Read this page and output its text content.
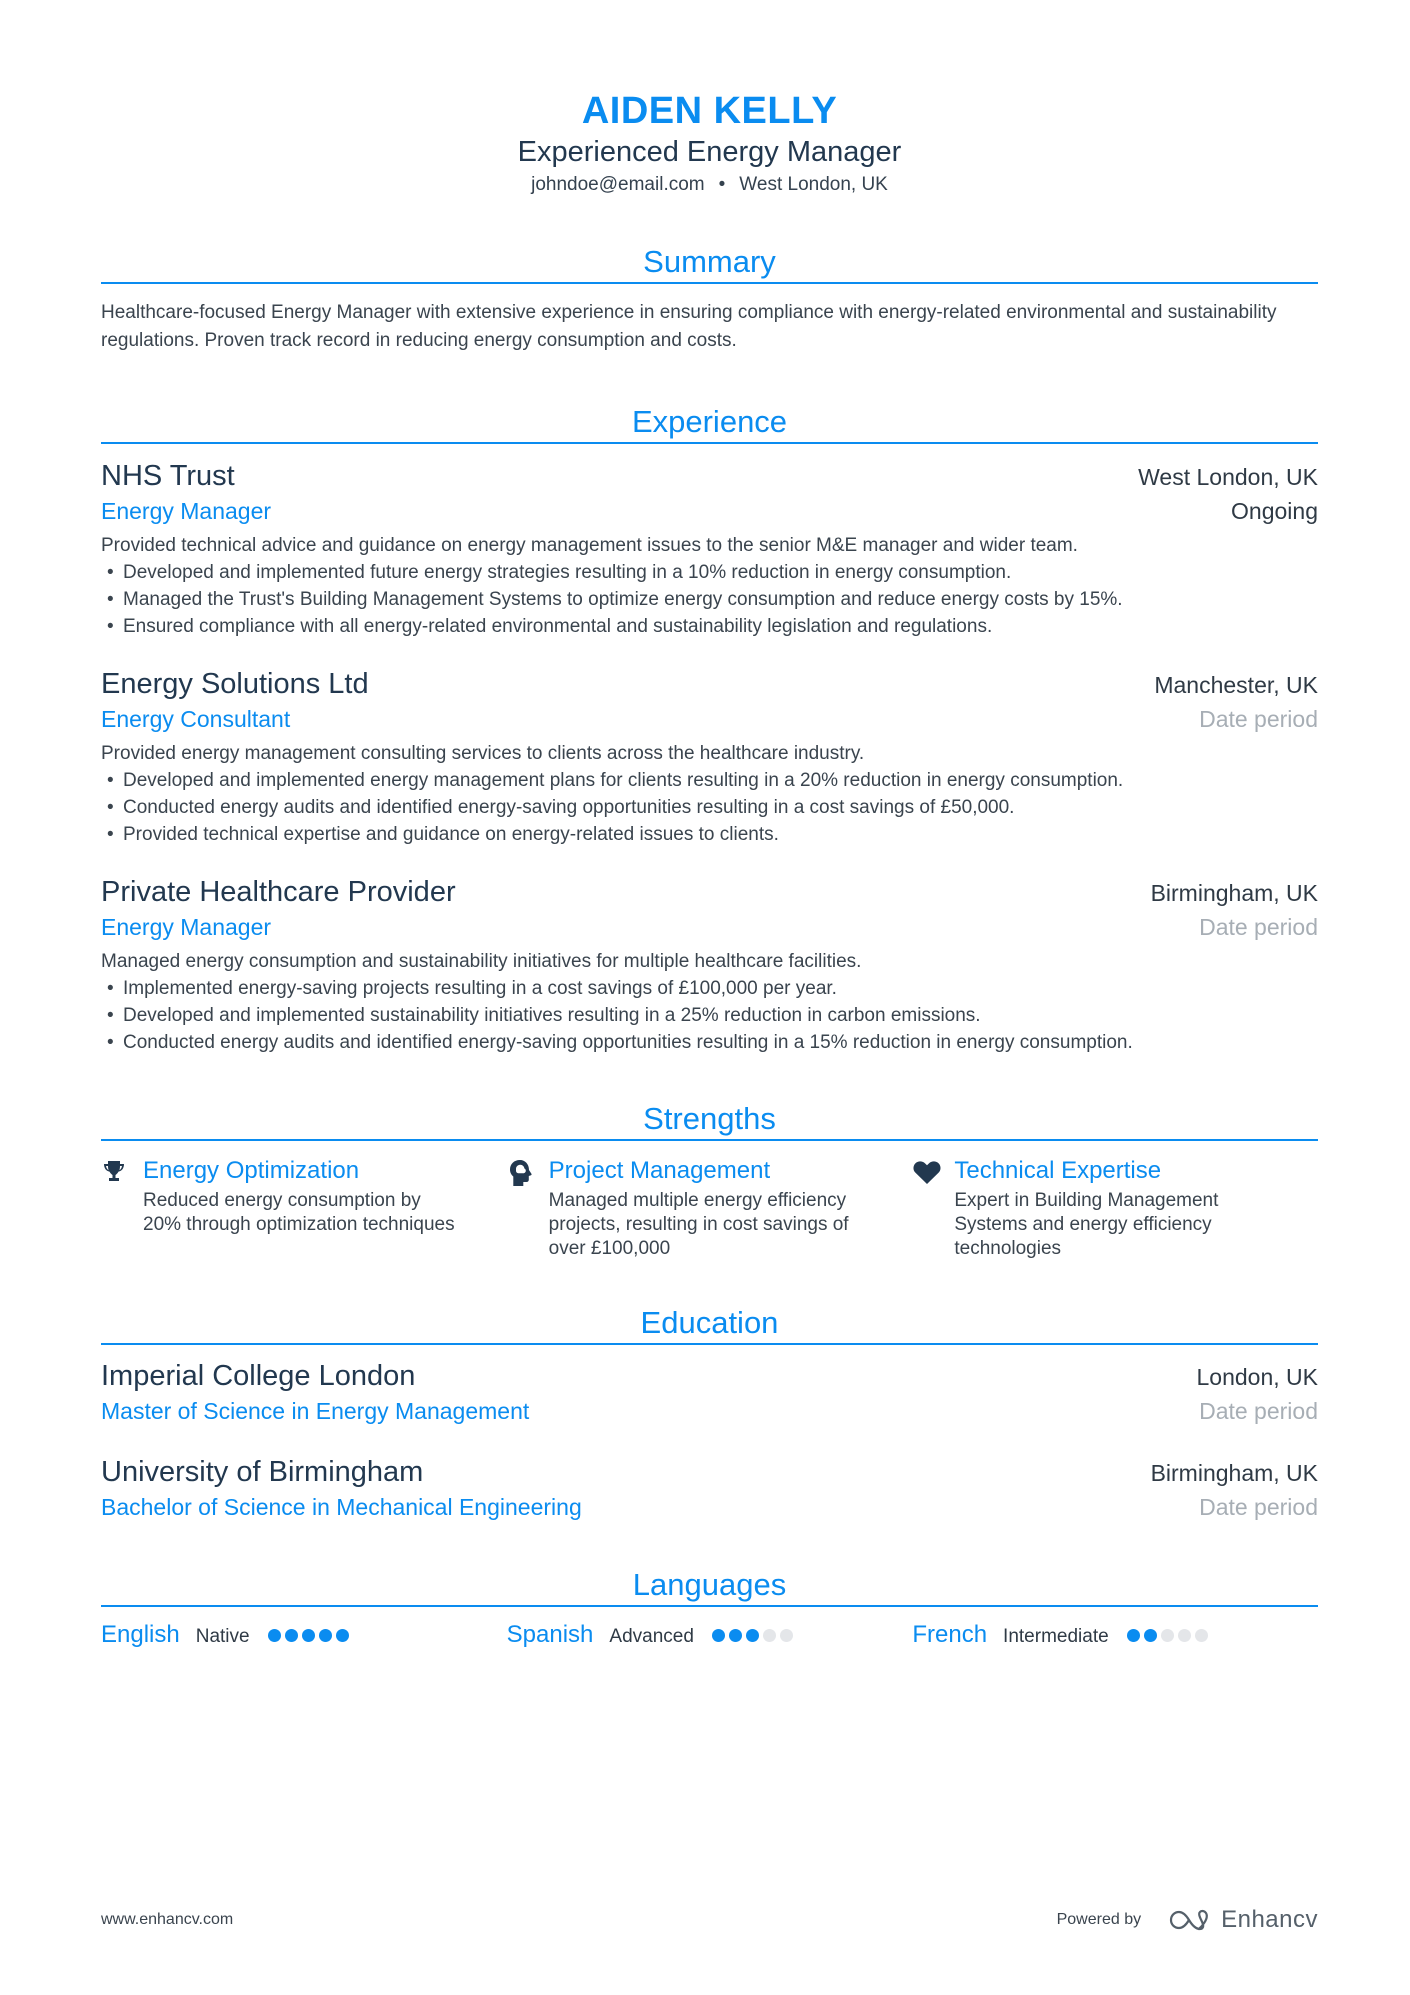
AIDEN KELLY
Experienced Energy Manager
johndoe@email.com • West London, UK
Summary
Healthcare-focused Energy Manager with extensive experience in ensuring compliance with energy-related environmental and sustainability regulations. Proven track record in reducing energy consumption and costs.
Experience
NHS Trust	West London, UK
Energy Manager	Ongoing
Provided technical advice and guidance on energy management issues to the senior M&E manager and wider team.
• Developed and implemented future energy strategies resulting in a 10% reduction in energy consumption.
• Managed the Trust's Building Management Systems to optimize energy consumption and reduce energy costs by 15%.
• Ensured compliance with all energy-related environmental and sustainability legislation and regulations.
Energy Solutions Ltd	Manchester, UK
Energy Consultant	Date period
Provided energy management consulting services to clients across the healthcare industry.
• Developed and implemented energy management plans for clients resulting in a 20% reduction in energy consumption.
• Conducted energy audits and identified energy-saving opportunities resulting in a cost savings of £50,000.
• Provided technical expertise and guidance on energy-related issues to clients.
Private Healthcare Provider	Birmingham, UK
Energy Manager	Date period
Managed energy consumption and sustainability initiatives for multiple healthcare facilities.
• Implemented energy-saving projects resulting in a cost savings of £100,000 per year.
• Developed and implemented sustainability initiatives resulting in a 25% reduction in carbon emissions.
• Conducted energy audits and identified energy-saving opportunities resulting in a 15% reduction in energy consumption.
Strengths
Energy Optimization
Reduced energy consumption by 20% through optimization techniques
Project Management
Managed multiple energy efficiency projects, resulting in cost savings of over £100,000
Technical Expertise
Expert in Building Management Systems and energy efficiency technologies
Education
Imperial College London	London, UK
Master of Science in Energy Management	Date period
University of Birmingham	Birmingham, UK
Bachelor of Science in Mechanical Engineering	Date period
Languages
English Native	Spanish Advanced	French Intermediate
www.enhancv.com	Powered by	Enhancv
